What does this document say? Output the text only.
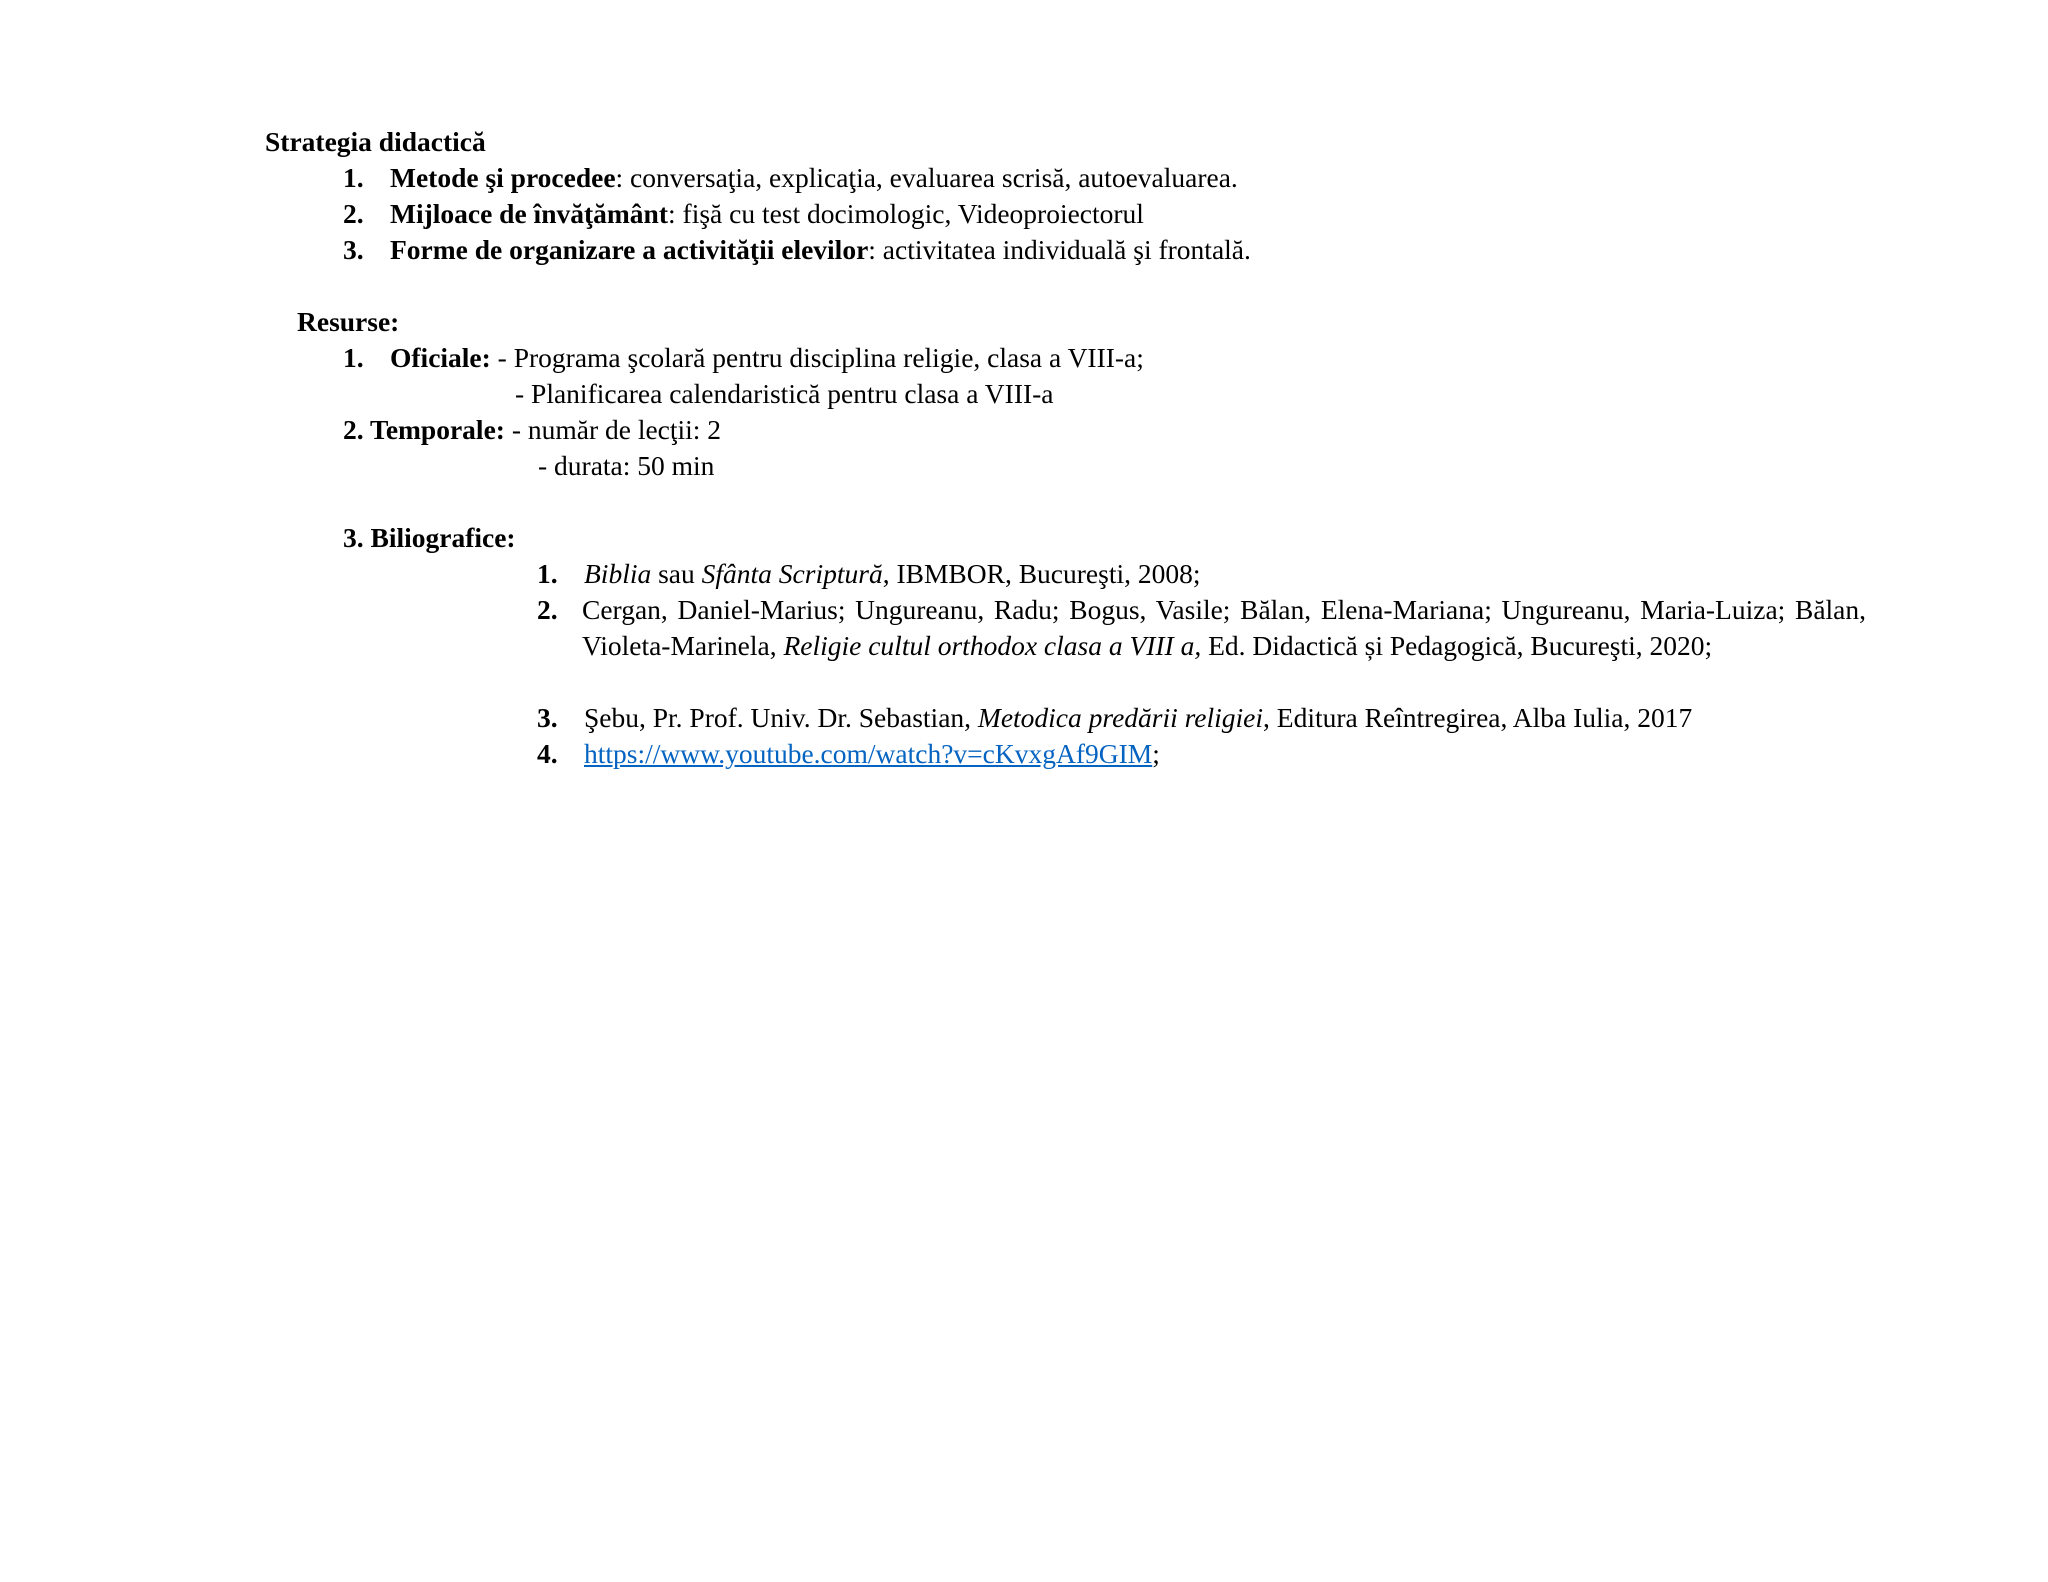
Strategia didactică
1. Metode şi procedee: conversaţia, explicaţia, evaluarea scrisă, autoevaluarea.
2. Mijloace de învăţământ: fişă cu test docimologic, Videoproiectorul
3. Forme de organizare a activităţii elevilor: activitatea individuală şi frontală.
Resurse:
1. Oficiale: - Programa şcolară pentru disciplina religie, clasa a VIII-a;
- Planificarea calendaristică pentru clasa a VIII-a
2. Temporale: - număr de lecţii: 2
- durata: 50 min
3. Biliografice:
1. Biblia sau Sfânta Scriptură, IBMBOR, Bucureşti, 2008;
2. Cergan, Daniel-Marius; Ungureanu, Radu; Bogus, Vasile; Bălan, Elena-Mariana; Ungureanu, Maria-Luiza; Bălan, Violeta-Marinela, Religie cultul orthodox clasa a VIII a, Ed. Didactică și Pedagogică, Bucureşti, 2020;
3. Şebu, Pr. Prof. Univ. Dr. Sebastian, Metodica predării religiei, Editura Reîntregirea, Alba Iulia, 2017
4. https://www.youtube.com/watch?v=cKvxgAf9GIM;
